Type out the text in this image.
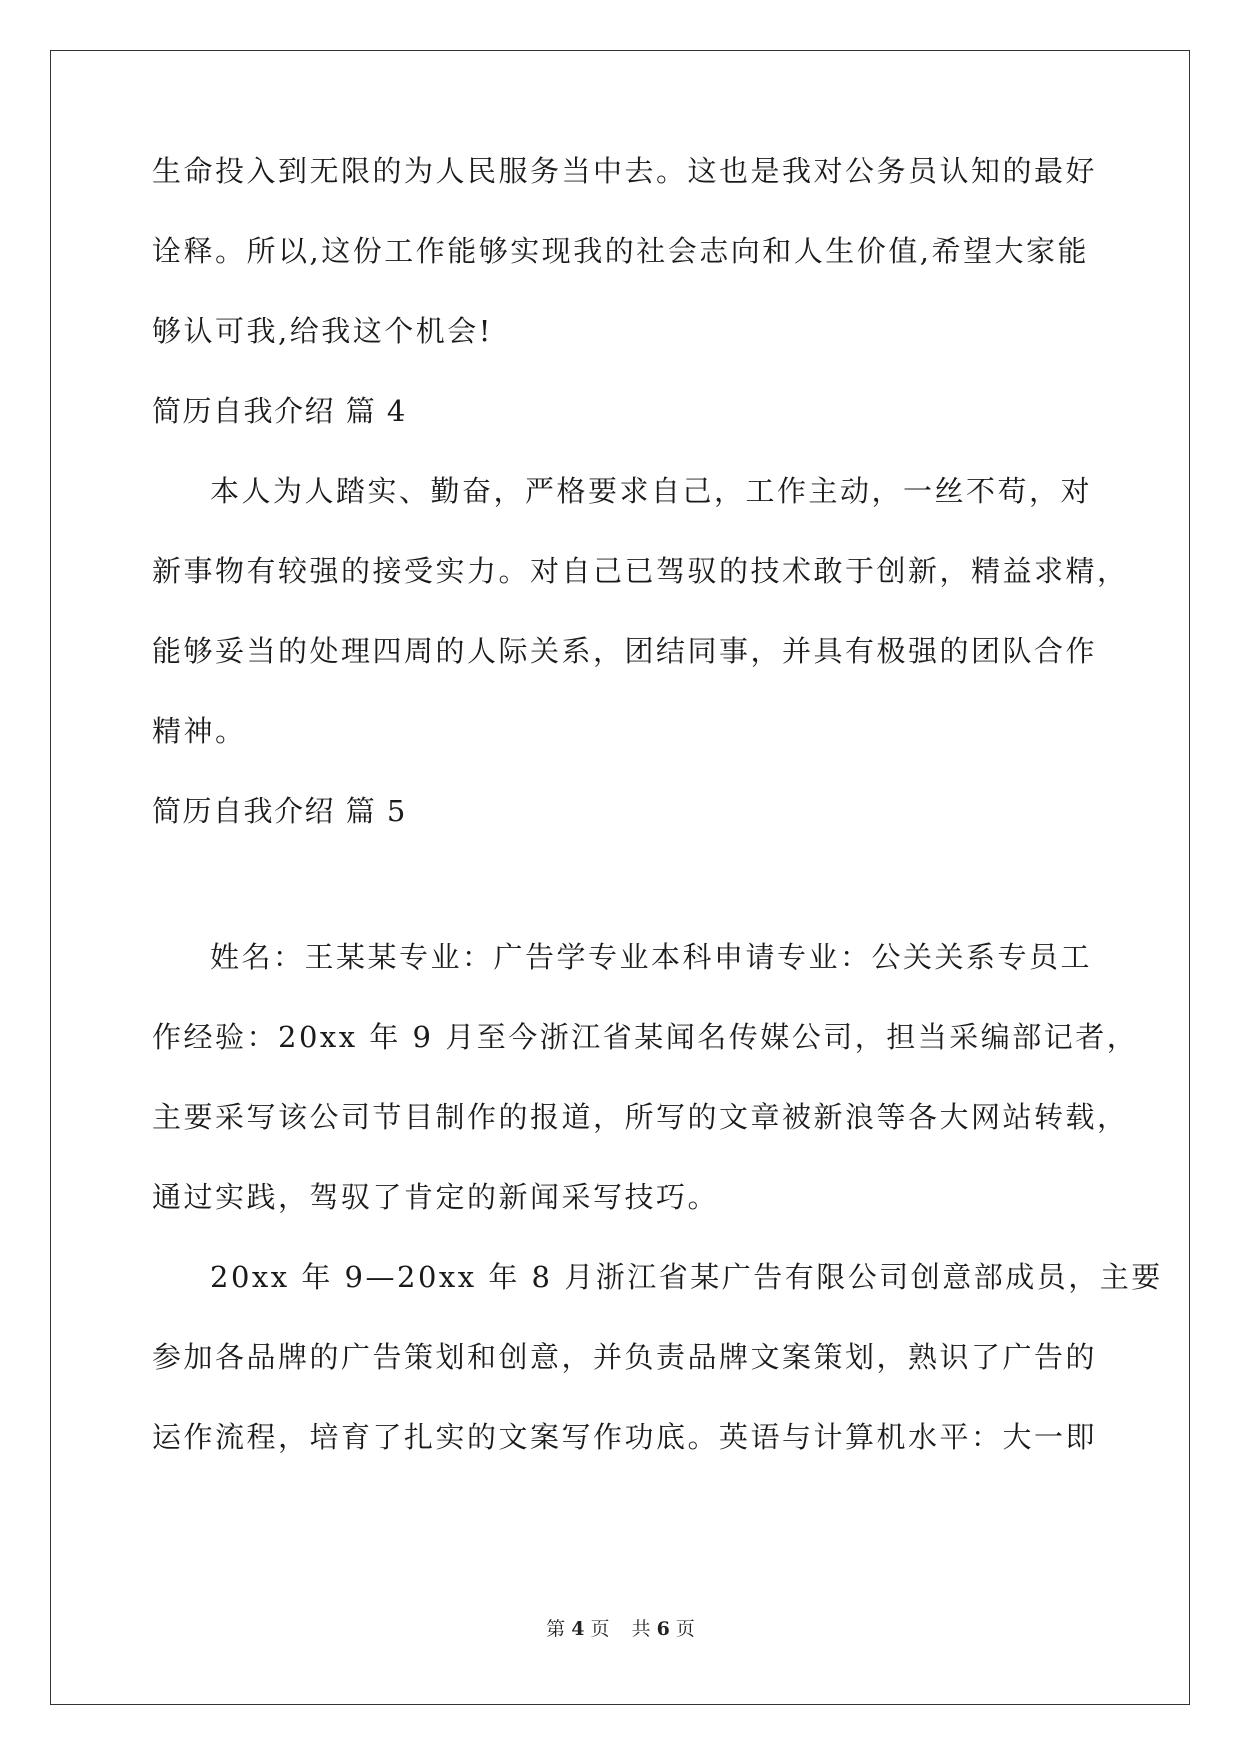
生命投入到无限的为人民服务当中去。这也是我对公务员认知的最好
诠释。所以,这份工作能够实现我的社会志向和人生价值,希望大家能
够认可我,给我这个机会!
简历自我介绍 篇 4
本人为人踏实、勤奋，严格要求自己，工作主动，一丝不苟，对
新事物有较强的接受实力。对自己已驾驭的技术敢于创新，精益求精，
能够妥当的处理四周的人际关系，团结同事，并具有极强的团队合作
精神。
简历自我介绍 篇 5
姓名：王某某专业：广告学专业本科申请专业：公关关系专员工
作经验：20xx 年 9 月至今浙江省某闻名传媒公司，担当采编部记者，
主要采写该公司节目制作的报道，所写的文章被新浪等各大网站转载，
通过实践，驾驭了肯定的新闻采写技巧。
20xx 年 9—20xx 年 8 月浙江省某广告有限公司创意部成员，主要
参加各品牌的广告策划和创意，并负责品牌文案策划，熟识了广告的
运作流程，培育了扎实的文案写作功底。英语与计算机水平：大一即
第 4 页 共 6 页
